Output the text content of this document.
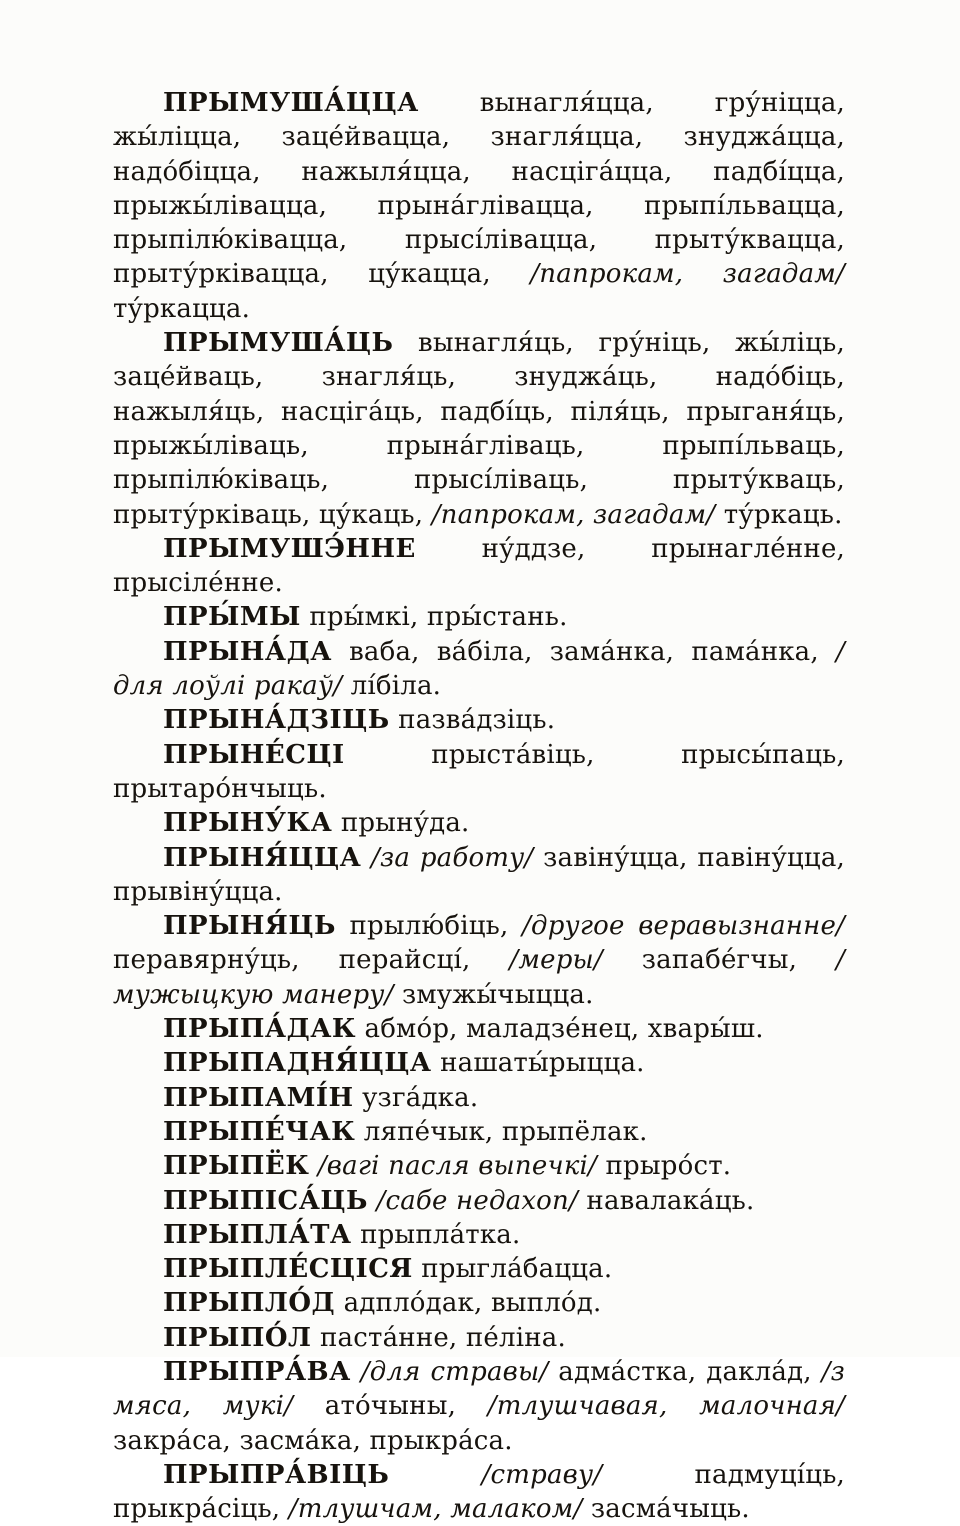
ПРЫМУША́ЦЦА вынагля́цца, гру́ніцца, жы́ліцца, заце́йвацца, знагля́цца, знуджа́цца, надо́біцца, нажыля́цца, насціга́цца, падбі́цца, прыжы́лівацца, прына́глівацца, прыпі́львацца, прыпілю́ківацца, прысі́лівацца, прыту́квацца, прыту́рківацца, цу́кацца, /папрокам, загадам/ ту́ркацца.

ПРЫМУША́ЦЬ вынагля́ць, гру́ніць, жы́ліць, заце́йваць, знагля́ць, знуджа́ць, надо́біць, нажыля́ць, насціга́ць, падбі́ць, піля́ць, прыганя́ць, прыжы́ліваць, прына́гліваць, прыпі́льваць, прыпілю́ківаць, прысі́ліваць, прыту́кваць, прыту́рківаць, цу́каць, /папрокам, загадам/ ту́ркаць.

ПРЫМУШЭ́ННЕ	ну́ддзе, прынагле́нне, прысіле́нне.

ПРЫ́МЫ пры́мкі, пры́стань.

ПРЫНА́ДА ваба, ва́біла, зама́нка, пама́нка, /для лоўлі ракаў/ лі́біла.

ПРЫНА́ДЗІЦЬ пазва́дзіць.

ПРЫНЕ́СЦІ	прыста́віць, прысы́паць, прытаро́нчыць.

ПРЫНУ́КА прыну́да.

ПРЫНЯ́ЦЦА /за работу/ завіну́цца, павіну́цца, прывіну́цца.

ПРЫНЯ́ЦЬ прылю́біць, /другое веравызнанне/ перавярну́ць, перайсці́, /меры/ запабе́гчы, /мужыцкую манеру/ змужы́чыцца.

ПРЫПА́ДАК абмо́р, маладзе́нец, хвары́ш.

ПРЫПАДНЯ́ЦЦА нашаты́рыцца.

ПРЫПАМІ́Н узга́дка.

ПРЫПЕ́ЧАК ляпе́чык, прыпёлак.

ПРЫПЁК /вагі пасля выпечкі/ прыро́ст.

ПРЫПІСА́ЦЬ /сабе недахоп/ навалака́ць.

ПРЫПЛА́ТА прыпла́тка.

ПРЫПЛЕ́СЦІСЯ прыгла́бацца.

ПРЫПЛО́Д адпло́дак, выпло́д.

ПРЫПО́Л паста́нне, пе́ліна.

ПРЫПРА́ВА /для стравы/ адма́стка, дакла́д, /з мяса, мукі/ ато́чыны, /тлушчавая, малочная/ закра́са, засма́ка, прыкра́са.

ПРЫПРА́ВІЦЬ	/страву/ падмуці́ць, прыкра́сіць, /тлушчам, малаком/ засма́чыць.
